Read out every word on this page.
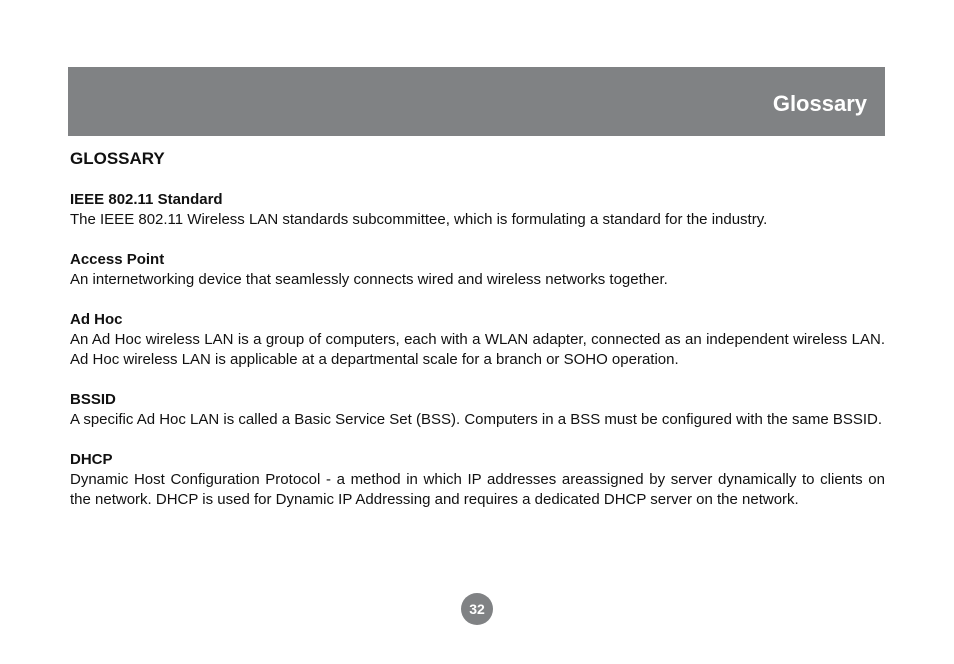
Glossary
GLOSSARY
IEEE 802.11 Standard
The IEEE 802.11 Wireless LAN standards subcommittee, which is formulating a standard for the industry.
Access Point
An internetworking device that seamlessly connects wired and wireless networks together.
Ad Hoc
An Ad Hoc wireless LAN is a group of computers, each with a WLAN adapter, connected as an independent wireless LAN. Ad Hoc wireless LAN is applicable at a departmental scale for a branch or SOHO operation.
BSSID
A specific Ad Hoc LAN is called a Basic Service Set (BSS). Computers in a BSS must be configured with the same BSSID.
DHCP
Dynamic Host Configuration Protocol - a method in which IP addresses areassigned by server dynamically to clients on the network. DHCP is used for Dynamic IP Addressing and requires a dedicated DHCP server on the network.
32
